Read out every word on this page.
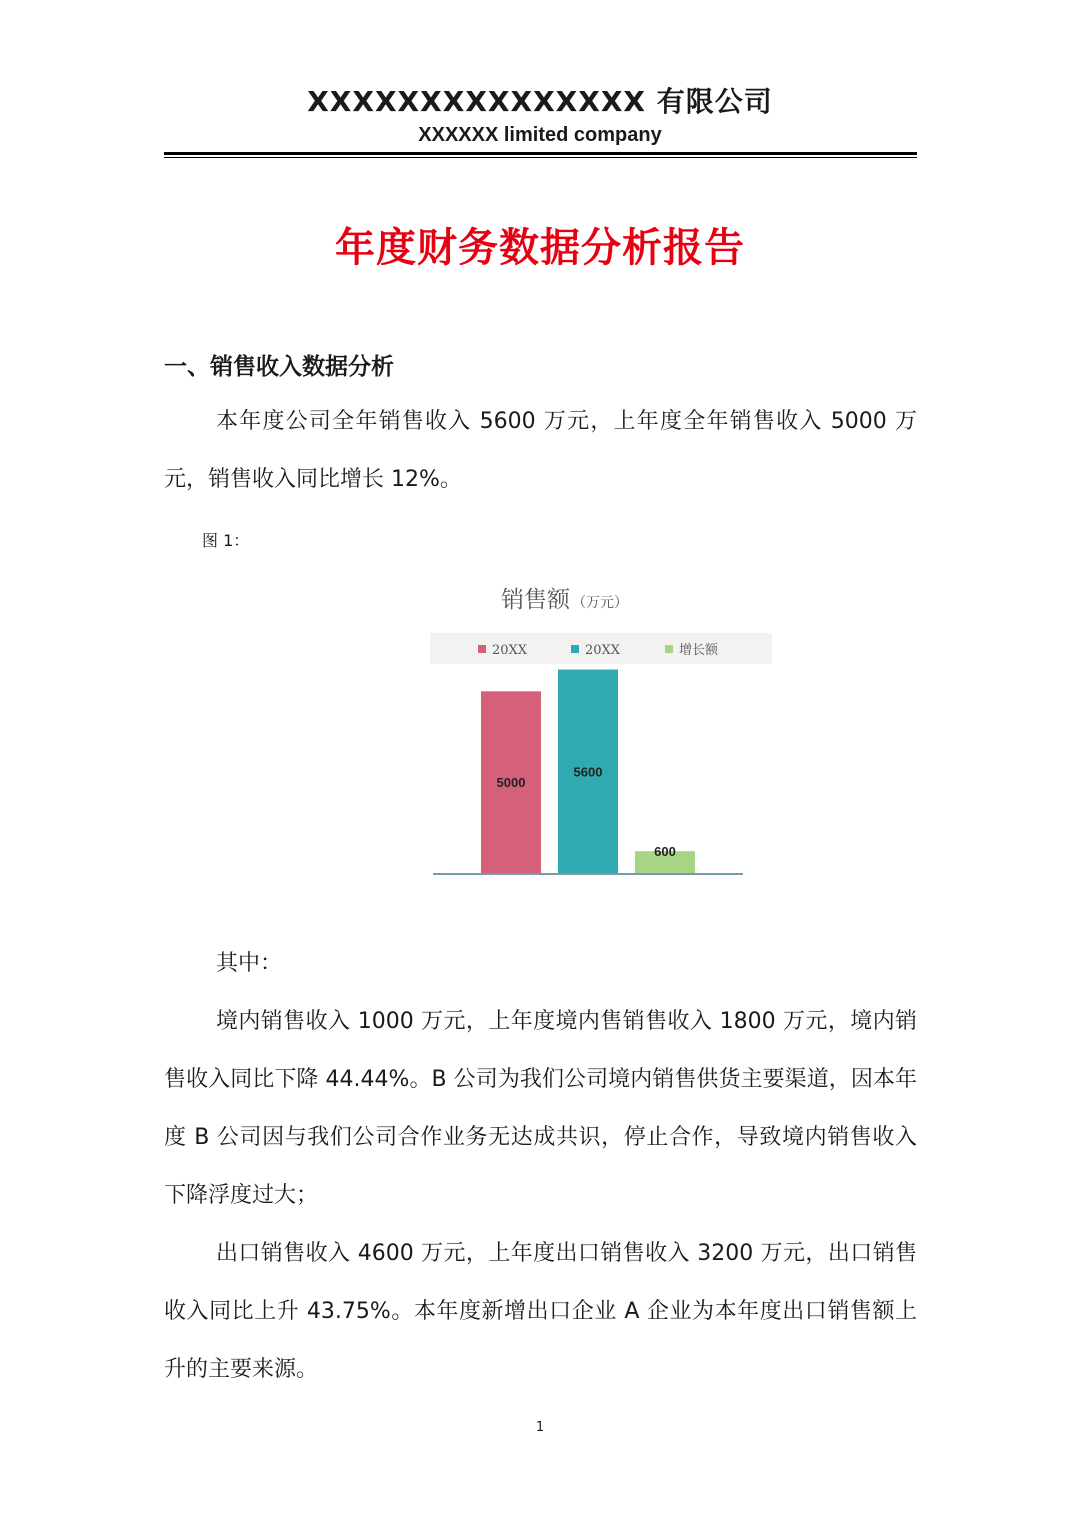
XXXXXXXXXXXXXXX 有限公司
XXXXXX limited company
年度财务数据分析报告
一、销售收入数据分析
本年度公司全年销售收入 5600 万元，上年度全年销售收入 5000 万元，销售收入同比增长 12%。
图 1：
销售额 （万元）
20XX	20XX	增长额
5000
5600
600
其中：
境内销售收入 1000 万元，上年度境内售销售收入 1800 万元，境内销售收入同比下降 44.44%。B 公司为我们公司境内销售供货主要渠道，因本年度 B 公司因与我们公司合作业务无达成共识，停止合作，导致境内销售收入下降浮度过大；
出口销售收入 4600 万元，上年度出口销售收入 3200 万元，出口销售收入同比上升 43.75%。本年度新增出口企业 A 企业为本年度出口销售额上升的主要来源。
1
